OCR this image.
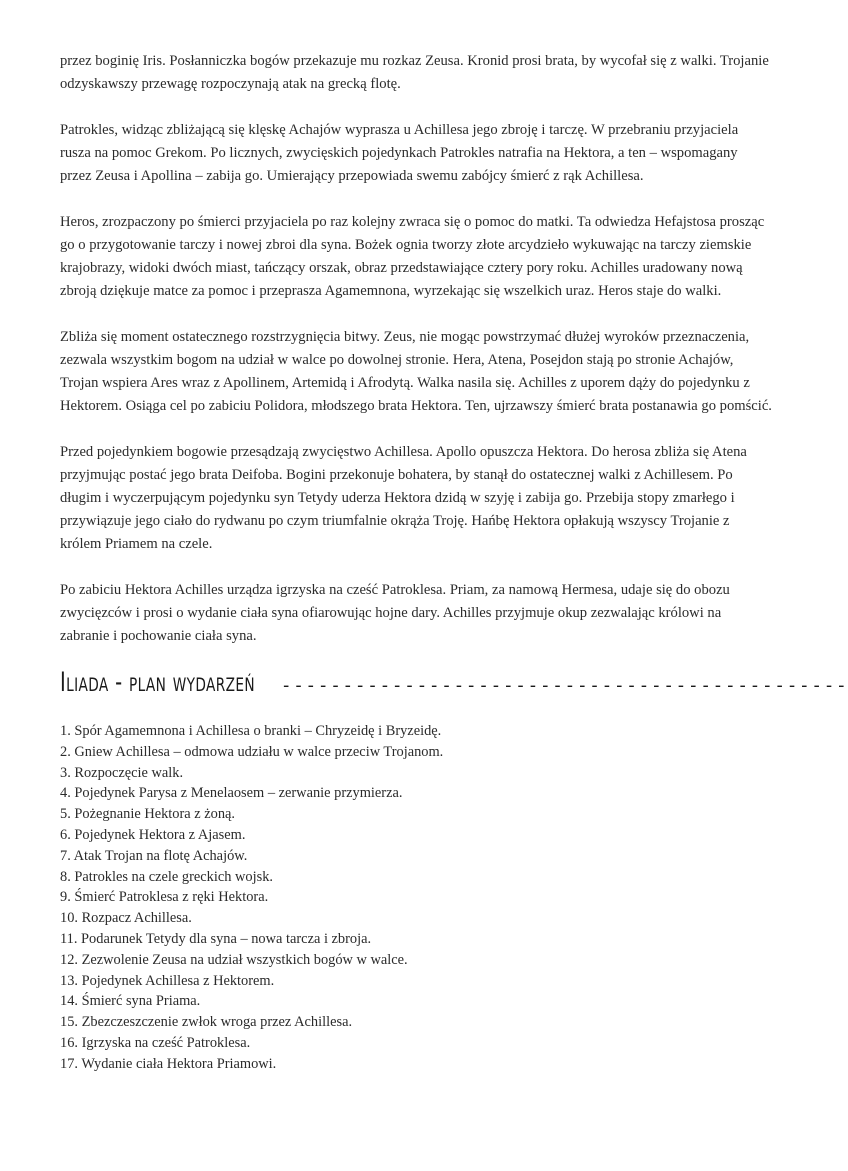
przez boginię Iris. Posłanniczka bogów przekazuje mu rozkaz Zeusa. Kronid prosi brata, by wycofał się z walki. Trojanie odzyskawszy przewagę rozpoczynają atak na grecką flotę.

Patrokles, widząc zbliżającą się klęskę Achajów wyprasza u Achillesa jego zbroję i tarczę. W przebraniu przyjaciela rusza na pomoc Grekom. Po licznych, zwycięskich pojedynkach Patrokles natrafia na Hektora, a ten – wspomagany przez Zeusa i Apollina – zabija go. Umierający przepowiada swemu zabójcy śmierć z rąk Achillesa.

Heros, zrozpaczony po śmierci przyjaciela po raz kolejny zwraca się o pomoc do matki. Ta odwiedza Hefajstosa prosząc go o przygotowanie tarczy i nowej zbroi dla syna. Bożek ognia tworzy złote arcydzieło wykuwając na tarczy ziemskie krajobrazy, widoki dwóch miast, tańczący orszak, obraz przedstawiające cztery pory roku. Achilles uradowany nową zbroją dziękuje matce za pomoc i przeprasza Agamemnona, wyrzekając się wszelkich uraz. Heros staje do walki.

Zbliża się moment ostatecznego rozstrzygnięcia bitwy. Zeus, nie mogąc powstrzymać dłużej wyroków przeznaczenia, zezwala wszystkim bogom na udział w walce po dowolnej stronie. Hera, Atena, Posejdon stają po stronie Achajów, Trojan wspiera Ares wraz z Apollinem, Artemidą i Afrodytą. Walka nasila się. Achilles z uporem dąży do pojedynku z Hektorem. Osiąga cel po zabiciu Polidora, młodszego brata Hektora. Ten, ujrzawszy śmierć brata postanawia go pomścić.

Przed pojedynkiem bogowie przesądzają zwycięstwo Achillesa. Apollo opuszcza Hektora. Do herosa zbliża się Atena przyjmując postać jego brata Deifoba. Bogini przekonuje bohatera, by stanął do ostatecznej walki z Achillesem. Po długim i wyczerpującym pojedynku syn Tetydy uderza Hektora dzidą w szyję i zabija go. Przebija stopy zmarłego i przywiązuje jego ciało do rydwanu po czym triumfalnie okrąża Troję. Hańbę Hektora opłakują wszyscy Trojanie z królem Priamem na czele.

Po zabiciu Hektora Achilles urządza igrzyska na cześć Patroklesa. Priam, za namową Hermesa, udaje się do obozu zwycięzców i prosi o wydanie ciała syna ofiarowując hojne dary. Achilles przyjmuje okup zezwalając królowi na zabranie i pochowanie ciała syna.

Iliada - plan wydarzeń ----------------------------------------------
1. Spór Agamemnona i Achillesa o branki – Chryzeidę i Bryzeidę.
2. Gniew Achillesa – odmowa udziału w walce przeciw Trojanom.
3. Rozpoczęcie walk.
4. Pojedynek Parysa z Menelaosem – zerwanie przymierza.
5. Pożegnanie Hektora z żoną.
6. Pojedynek Hektora z Ajasem.
7. Atak Trojan na flotę Achajów.
8. Patrokles na czele greckich wojsk.
9. Śmierć Patroklesa z ręki Hektora.
10. Rozpacz Achillesa.
11. Podarunek Tetydy dla syna – nowa tarcza i zbroja.
12. Zezwolenie Zeusa na udział wszystkich bogów w walce.
13. Pojedynek Achillesa z Hektorem.
14. Śmierć syna Priama.
15. Zbezczeszczenie zwłok wroga przez Achillesa.
16. Igrzyska na cześć Patroklesa.
17. Wydanie ciała Hektora Priamowi.
